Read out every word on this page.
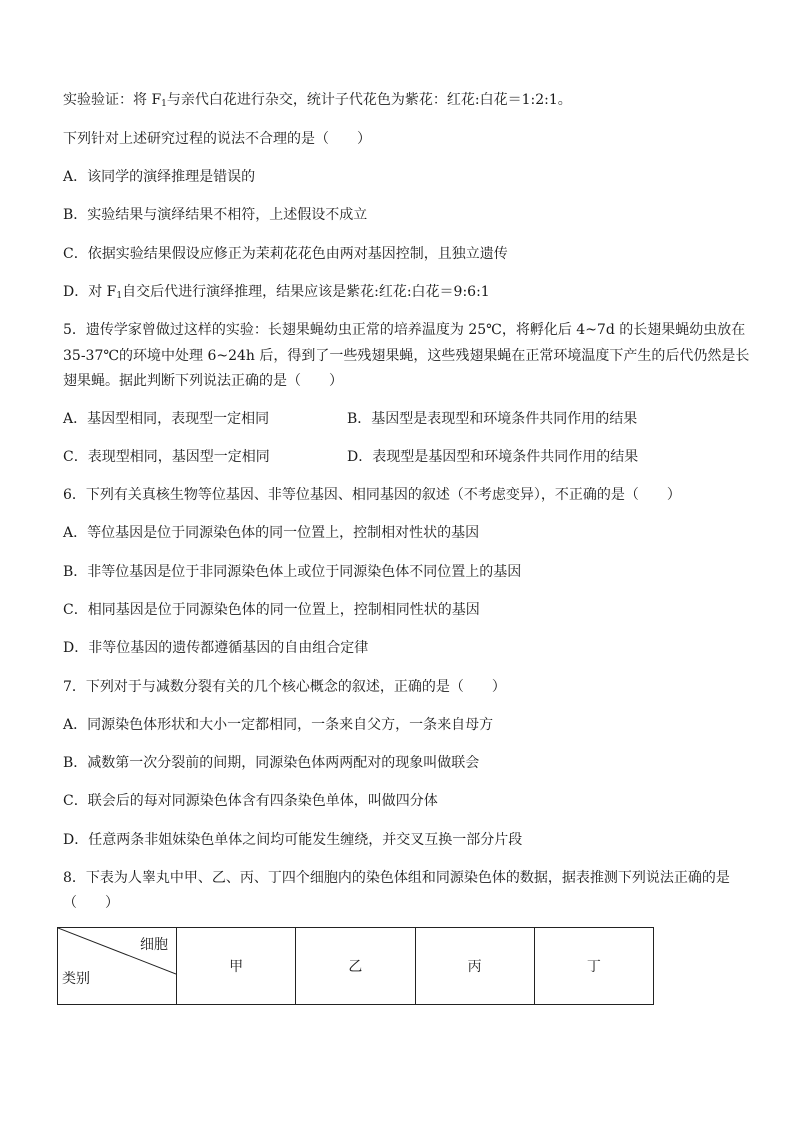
实验验证：将 $F_1$与亲代白花进行杂交，统计子代花色为紫花：红花:白花＝1:2:1。
下列针对上述研究过程的说法不合理的是（　　）
A．该同学的演绎推理是错误的
B．实验结果与演绎结果不相符，上述假设不成立
C．依据实验结果假设应修正为茉莉花花色由两对基因控制，且独立遗传
D．对 $F_1$自交后代进行演绎推理，结果应该是紫花:红花:白花＝9:6:1
5．遗传学家曾做过这样的实验：长翅果蝇幼虫正常的培养温度为 25℃，将孵化后 4~7d 的长翅果蝇幼虫放在
35-37℃的环境中处理 6~24h 后，得到了一些残翅果蝇，这些残翅果蝇在正常环境温度下产生的后代仍然是长
翅果蝇。据此判断下列说法正确的是（　　）
A．基因型相同，表现型一定相同	B．基因型是表现型和环境条件共同作用的结果
C．表现型相同，基因型一定相同	D．表现型是基因型和环境条件共同作用的结果
6．下列有关真核生物等位基因、非等位基因、相同基因的叙述（不考虑变异），不正确的是（　　）
A．等位基因是位于同源染色体的同一位置上，控制相对性状的基因
B．非等位基因是位于非同源染色体上或位于同源染色体不同位置上的基因
C．相同基因是位于同源染色体的同一位置上，控制相同性状的基因
D．非等位基因的遗传都遵循基因的自由组合定律
7．下列对于与减数分裂有关的几个核心概念的叙述，正确的是（　　）
A．同源染色体形状和大小一定都相同，一条来自父方，一条来自母方
B．减数第一次分裂前的间期，同源染色体两两配对的现象叫做联会
C．联会后的每对同源染色体含有四条染色单体，叫做四分体
D．任意两条非姐妹染色单体之间均可能发生缠绕，并交叉互换一部分片段
8．下表为人睾丸中甲、乙、丙、丁四个细胞内的染色体组和同源染色体的数据，据表推测下列说法正确的是
（　　）
细胞
类别
	甲	乙	丙	丁
